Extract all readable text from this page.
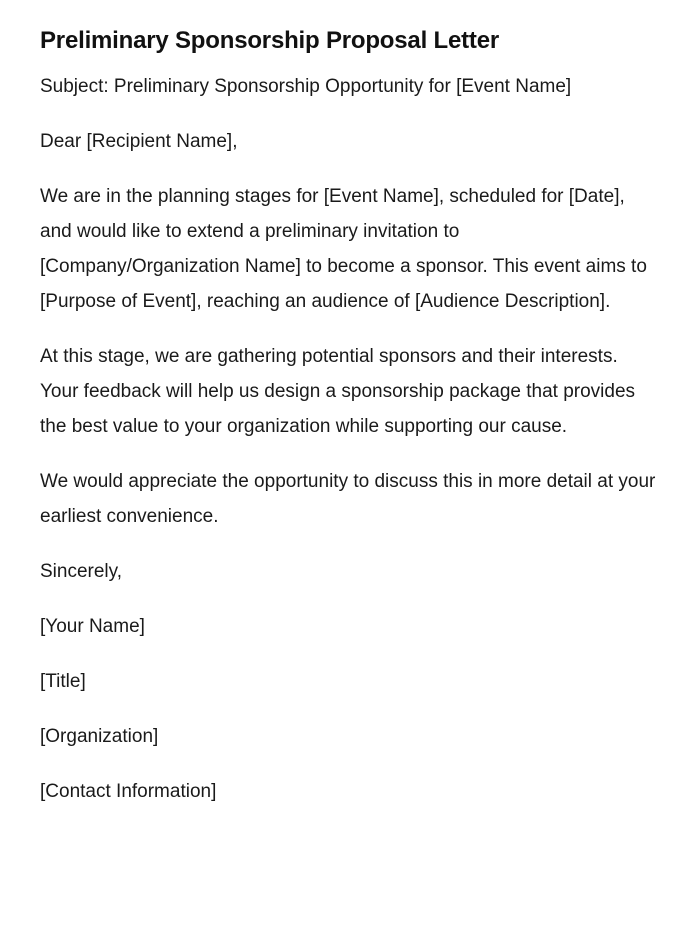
Preliminary Sponsorship Proposal Letter

Subject: Preliminary Sponsorship Opportunity for [Event Name]

Dear [Recipient Name],

We are in the planning stages for [Event Name], scheduled for [Date], and would like to extend a preliminary invitation to [Company/Organization Name] to become a sponsor. This event aims to [Purpose of Event], reaching an audience of [Audience Description].

At this stage, we are gathering potential sponsors and their interests. Your feedback will help us design a sponsorship package that provides the best value to your organization while supporting our cause.

We would appreciate the opportunity to discuss this in more detail at your earliest convenience.

Sincerely,

[Your Name]

[Title]

[Organization]

[Contact Information]
